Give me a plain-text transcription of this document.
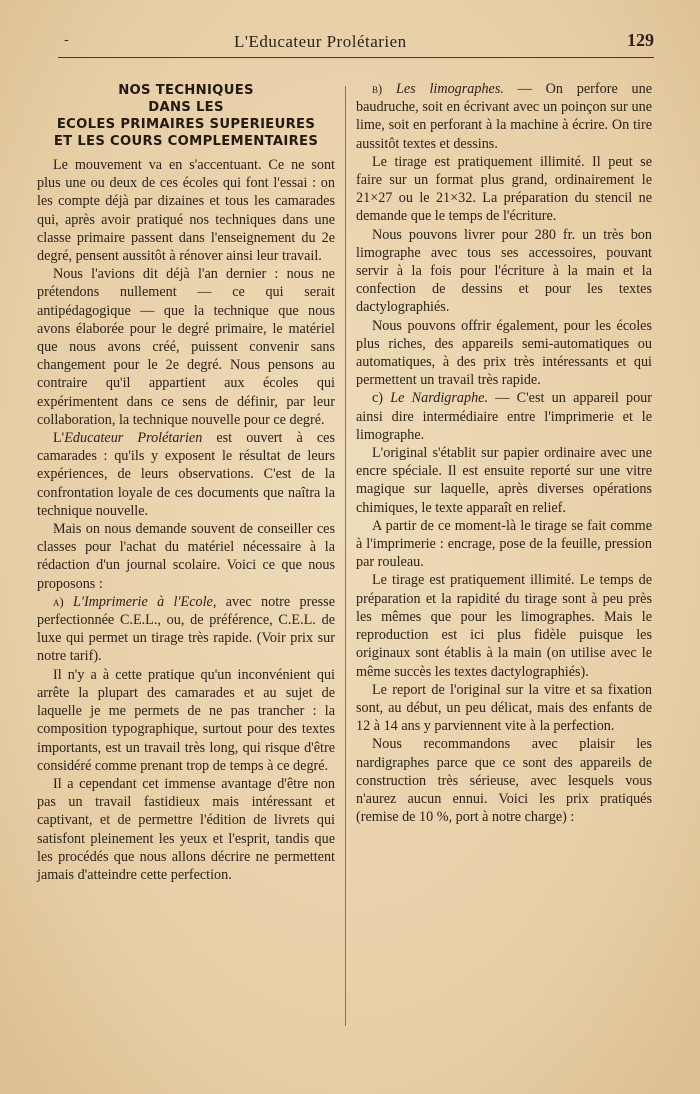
-	L'Educateur Prolétarien	129
NOS TECHNIQUES
DANS LES
ECOLES PRIMAIRES SUPERIEURES
ET LES COURS COMPLEMENTAIRES

Le mouvement va en s'accentuant. Ce ne sont plus une ou deux de ces écoles qui font l'essai : on les compte déjà par dizaines et tous les camarades qui, après avoir pratiqué nos techniques dans une classe primaire passent dans l'enseignement du 2e degré, pensent aussitôt à rénover ainsi leur travail.

Nous l'avions dit déjà l'an dernier : nous ne prétendons nullement — ce qui serait antipédagogique — que la technique que nous avons élaborée pour le degré primaire, le matériel que nous avons créé, puissent convenir sans changement pour le 2e degré. Nous pensons au contraire qu'il appartient aux écoles qui expérimentent dans ce sens de définir, par leur collaboration, la technique nouvelle pour ce degré.

L'Educateur Prolétarien est ouvert à ces camarades : qu'ils y exposent le résultat de leurs expériences, de leurs observations. C'est de la confrontation loyale de ces documents que naîtra la technique nouvelle.

Mais on nous demande souvent de conseiller ces classes pour l'achat du matériel nécessaire à la rédaction d'un journal scolaire. Voici ce que nous proposons :

a) L'Imprimerie à l'Ecole, avec notre presse perfectionnée C.E.L., ou, de préférence, C.E.L. de luxe qui permet un tirage très rapide. (Voir prix sur notre tarif).

Il n'y a à cette pratique qu'un inconvénient qui arrête la plupart des camarades et au sujet de laquelle je me permets de ne pas trancher : la composition typographique, surtout pour des textes importants, est un travail très long, qui risque d'être considéré comme prenant trop de temps à ce degré.

Il a cependant cet immense avantage d'être non pas un travail fastidieux mais intéressant et captivant, et de permettre l'édition de livrets qui satisfont pleinement les yeux et l'esprit, tandis que les procédés que nous allons décrire ne permettent jamais d'atteindre cette perfection.

b) Les limographes. — On perfore une baudruche, soit en écrivant avec un poinçon sur une lime, soit en perforant à la machine à écrire. On tire aussitôt textes et dessins.

Le tirage est pratiquement illimité. Il peut se faire sur un format plus grand, ordinairement le 21×27 ou le 21×32. La préparation du stencil ne demande que le temps de l'écriture.

Nous pouvons livrer pour 280 fr. un très bon limographe avec tous ses accessoires, pouvant servir à la fois pour l'écriture à la main et la confection de dessins et pour les textes dactylographiés.

Nous pouvons offrir également, pour les écoles plus riches, des appareils semi-automatiques ou automatiques, à des prix très intéressants et qui permettent un travail très rapide.

c) Le Nardigraphe. — C'est un appareil pour ainsi dire intermédiaire entre l'imprimerie et le limographe.

L'original s'établit sur papier ordinaire avec une encre spéciale. Il est ensuite reporté sur une vitre magique sur laquelle, après diverses opérations chimiques, le texte apparaît en relief.

A partir de ce moment-là le tirage se fait comme à l'imprimerie : encrage, pose de la feuille, pression par rouleau.

Le tirage est pratiquement illimité. Le temps de préparation et la rapidité du tirage sont à peu près les mêmes que pour les limographes. Mais le reproduction est ici plus fidèle puisque les originaux sont établis à la main (on utilise avec le même succès les textes dactylographiés).

Le report de l'original sur la vitre et sa fixation sont, au début, un peu délicat, mais des enfants de 12 à 14 ans y parviennent vite à la perfection.

Nous recommandons avec plaisir les nardigraphes parce que ce sont des appareils de construction très sérieuse, avec lesquels vous n'aurez aucun ennui. Voici les prix pratiqués (remise de 10 %, port à notre charge) :
